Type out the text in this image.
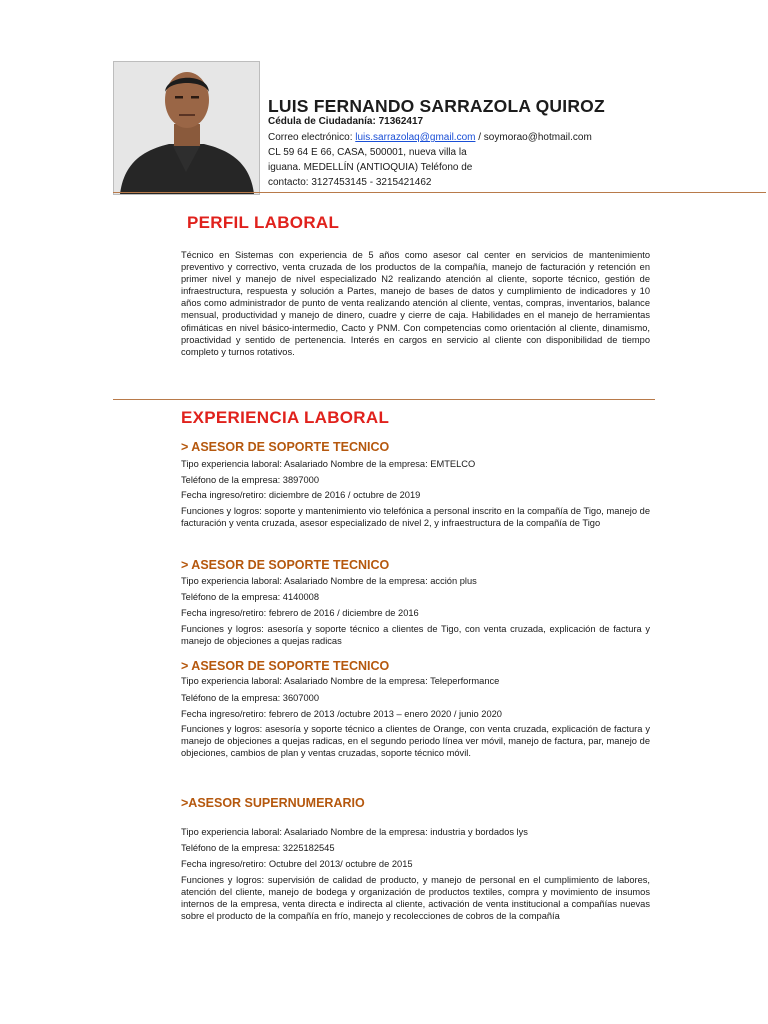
LUIS FERNANDO SARRAZOLA QUIROZ
Cédula de Ciudadanía: 71362417
Correo electrónico: luis.sarrazolaq@gmail.com / soymorao@hotmail.com
CL 59 64 E 66, CASA, 500001, nueva villa la
iguana. MEDELLÍN (ANTIOQUIA) Teléfono de
contacto: 3127453145 - 3215421462
PERFIL LABORAL
Técnico en Sistemas con experiencia de 5 años como asesor cal center en servicios de mantenimiento preventivo y correctivo, venta cruzada de los productos de la compañía, manejo de facturación y retención en primer nivel y manejo de nivel especializado N2 realizando atención al cliente, soporte técnico, gestión de infraestructura, respuesta y solución a Partes, manejo de bases de datos y cumplimiento de indicadores y 10 años como administrador de punto de venta realizando atención al cliente, ventas, compras, inventarios, balance mensual, productividad y manejo de dinero, cuadre y cierre de caja. Habilidades en el manejo de herramientas ofimáticas en nivel básico-intermedio, Cacto y PNM. Con competencias como orientación al cliente, dinamismo, proactividad y sentido de pertenencia. Interés en cargos en servicio al cliente con disponibilidad de tiempo completo y turnos rotativos.
EXPERIENCIA LABORAL
> ASESOR DE SOPORTE TECNICO
Tipo experiencia laboral: Asalariado Nombre de la empresa: EMTELCO
Teléfono de la empresa: 3897000
Fecha ingreso/retiro: diciembre de 2016 / octubre de 2019
Funciones y logros: soporte y mantenimiento vio telefónica a personal inscrito en la compañía de Tigo, manejo de facturación y venta cruzada, asesor especializado de nivel 2, y infraestructura de la compañía de Tigo
> ASESOR DE SOPORTE TECNICO
Tipo experiencia laboral: Asalariado Nombre de la empresa: acción plus
Teléfono de la empresa: 4140008
Fecha ingreso/retiro: febrero de 2016 / diciembre de 2016
Funciones y logros: asesoría y soporte técnico a clientes de Tigo, con venta cruzada, explicación de factura y manejo de objeciones a quejas radicas
> ASESOR DE SOPORTE TECNICO
Tipo experiencia laboral: Asalariado Nombre de la empresa: Teleperformance
Teléfono de la empresa: 3607000
Fecha ingreso/retiro: febrero de 2013 /octubre 2013 – enero 2020 / junio 2020
Funciones y logros: asesoría y soporte técnico a clientes de Orange, con venta cruzada, explicación de factura y manejo de objeciones a quejas radicas, en el segundo periodo línea ver móvil, manejo de factura, par, manejo de objeciones, cambios de plan y ventas cruzadas, soporte técnico móvil.
>ASESOR SUPERNUMERARIO
Tipo experiencia laboral: Asalariado Nombre de la empresa: industria y bordados lys
Teléfono de la empresa: 3225182545
Fecha ingreso/retiro: Octubre del 2013/ octubre de 2015
Funciones y logros: supervisión de calidad de producto, y manejo de personal en el cumplimiento de labores, atención del cliente, manejo de bodega y organización de productos textiles, compra y movimiento de insumos internos de la empresa, venta directa e indirecta al cliente, activación de venta institucional a compañías nuevas sobre el producto de la compañía en frío, manejo y recolecciones de cobros de la compañía
